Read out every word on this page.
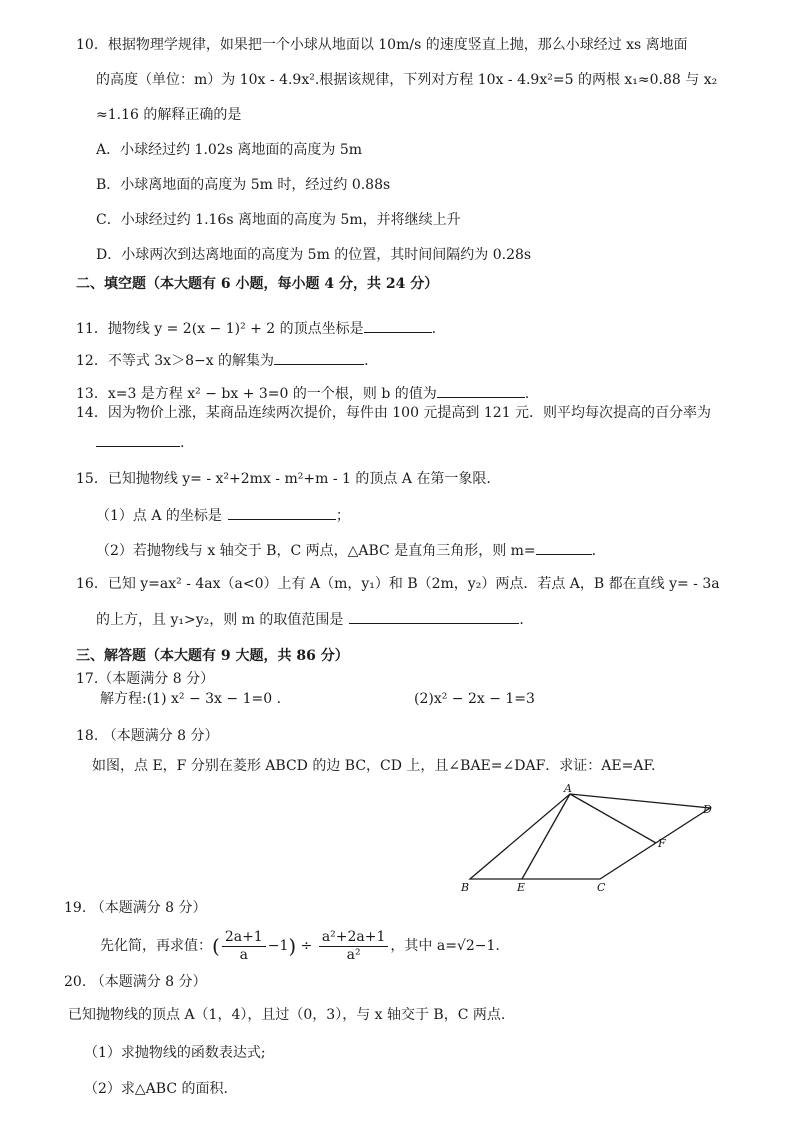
10．根据物理学规律，如果把一个小球从地面以 10m/s 的速度竖直上抛，那么小球经过 xs 离地面
的高度（单位：m）为 10x - 4.9x².根据该规律，下列对方程 10x - 4.9x²=5 的两根 x₁≈0.88 与 x₂
≈1.16 的解释正确的是
A．小球经过约 1.02s 离地面的高度为 5m
B．小球离地面的高度为 5m 时，经过约 0.88s
C．小球经过约 1.16s 离地面的高度为 5m，并将继续上升
D．小球两次到达离地面的高度为 5m 的位置，其时间间隔约为 0.28s
二、填空题（本大题有 6 小题，每小题 4 分，共 24 分）
11．抛物线 y = 2(x − 1)² + 2 的顶点坐标是	.
12．不等式 3x＞8−x 的解集为	.
13．x=3 是方程 x² − bx + 3=0 的一个根，则 b 的值为	.
14．因为物价上涨，某商品连续两次提价，每件由 100 元提高到 121 元．则平均每次提高的百分率为
.
15．已知抛物线 y= - x²+2mx - m²+m - 1 的顶点 A 在第一象限.
（1）点 A 的坐标是	；
（2）若抛物线与 x 轴交于 B，C 两点，△ABC 是直角三角形，则 m=	.
16．已知 y=ax² - 4ax（a<0）上有 A（m，y₁）和 B（2m，y₂）两点．若点 A，B 都在直线 y= - 3a
的上方，且 y₁>y₂，则 m 的取值范围是	.
三、解答题（本大题有 9 大题，共 86 分）
17.（本题满分 8 分）
解方程:(1) x² − 3x − 1=0 .	(2)x² − 2x − 1=3
18. （本题满分 8 分）
如图，点 E，F 分别在菱形 ABCD 的边 BC，CD 上，且∠BAE=∠DAF．求证：AE=AF.
A
D
F
B	E	C
19. （本题满分 8 分）
先化简，再求值：( $\frac{2a+1}{a} -1) \div \frac{\text{a²+2a+1}}{\text{a²}}$ ，其中 a=√2−1.
20. （本题满分 8 分）
已知抛物线的顶点 A（1，4），且过（0，3），与 x 轴交于 B，C 两点.
（1）求抛物线的函数表达式;
（2）求△ABC 的面积.
